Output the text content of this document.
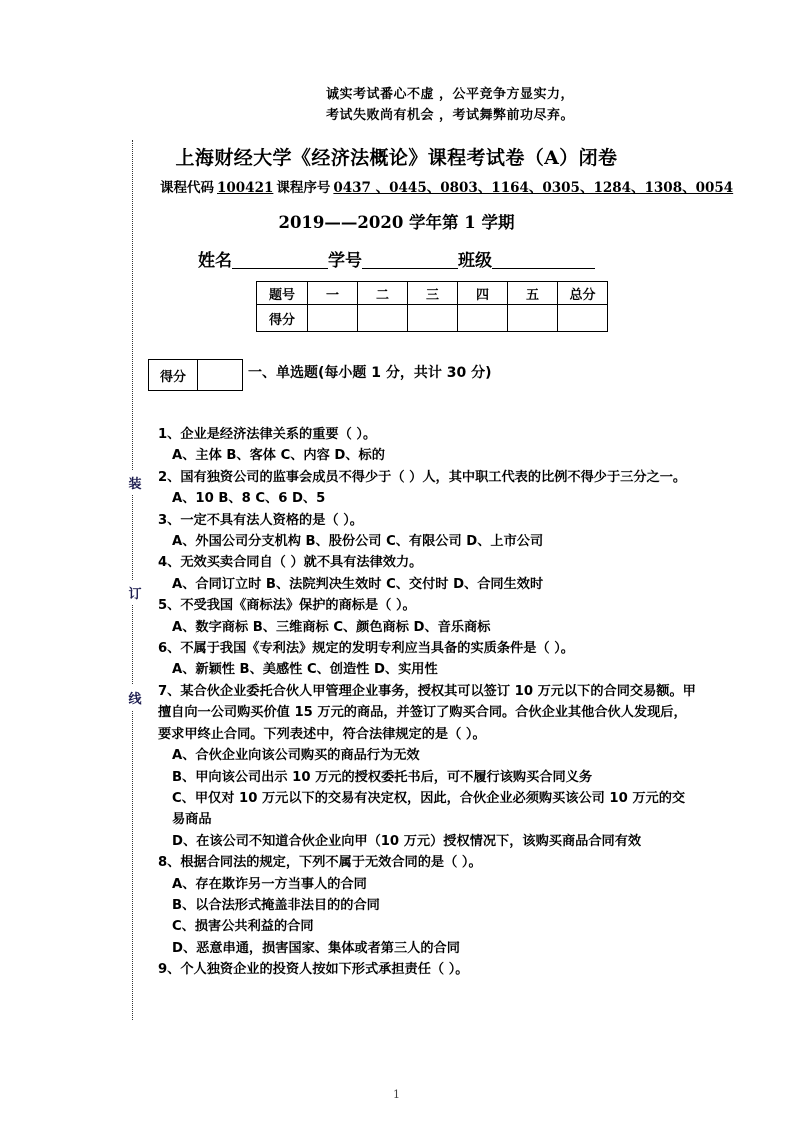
装
订
线
诚实考试番心不虚 ，公平竞争方显实力，
考试失败尚有机会 ，考试舞弊前功尽弃。
上海财经大学《经济法概论》课程考试卷（A）闭卷
课程代码 100421 课程序号 0437 、0445、0803、1164、0305、1284、1308、0054
2019——2020 学年第 1 学期
姓名	学号	班级
题号	一	二	三	四	五	总分
得分						
得分		一、单选题(每小题 1 分，共计 30 分)
1、企业是经济法律关系的重要（ ）。
A、主体 B、客体 C、内容 D、标的
2、国有独资公司的监事会成员不得少于（ ）人，其中职工代表的比例不得少于三分之一。
A、10 B、8 C、6 D、5
3、一定不具有法人资格的是（ ）。
A、外国公司分支机构 B、股份公司 C、有限公司 D、上市公司
4、无效买卖合同自（ ）就不具有法律效力。
A、合同订立时 B、法院判决生效时 C、交付时 D、合同生效时
5、不受我国《商标法》保护的商标是（ ）。
A、数字商标 B、三维商标 C、颜色商标 D、音乐商标
6、不属于我国《专利法》规定的发明专利应当具备的实质条件是（ ）。
A、新颖性 B、美感性 C、创造性 D、实用性
7、某合伙企业委托合伙人甲管理企业事务，授权其可以签订 10 万元以下的合同交易额。甲擅自向一公司购买价值 15 万元的商品，并签订了购买合同。合伙企业其他合伙人发现后，要求甲终止合同。下列表述中，符合法律规定的是（ ）。
A、合伙企业向该公司购买的商品行为无效
B、甲向该公司出示 10 万元的授权委托书后，可不履行该购买合同义务
C、甲仅对 10 万元以下的交易有决定权，因此，合伙企业必须购买该公司 10 万元的交易商品
D、在该公司不知道合伙企业向甲（10 万元）授权情况下，该购买商品合同有效
8、根据合同法的规定，下列不属于无效合同的是（ ）。
A、存在欺诈另一方当事人的合同
B、以合法形式掩盖非法目的的合同
C、损害公共利益的合同
D、恶意串通，损害国家、集体或者第三人的合同
9、个人独资企业的投资人按如下形式承担责任（ ）。
1
